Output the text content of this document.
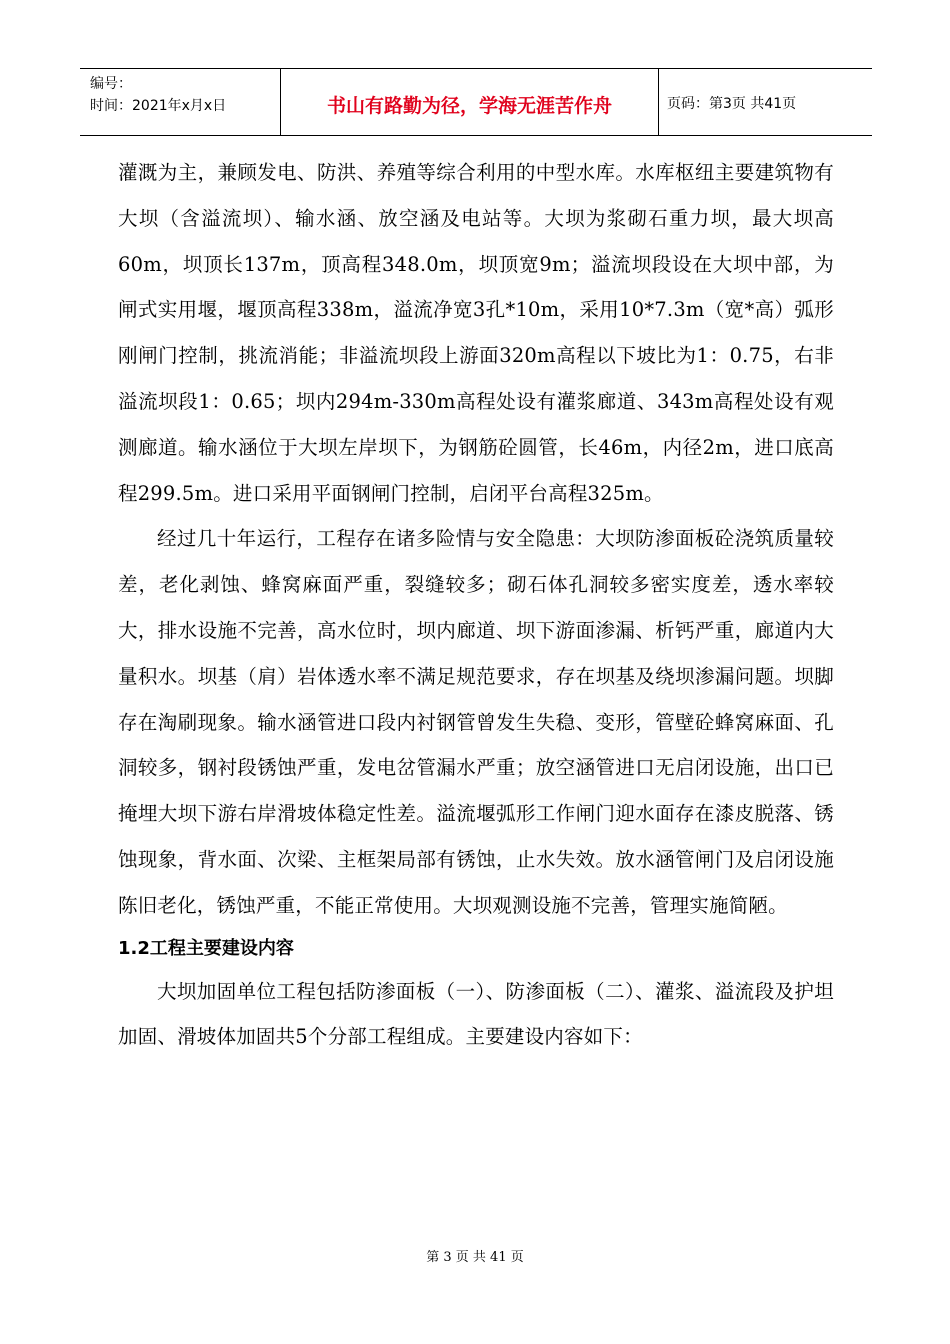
编号：
时间：2021年x月x日	书山有路勤为径，学海无涯苦作舟	页码：第3页 共41页

灌溉为主，兼顾发电、防洪、养殖等综合利用的中型水库。水库枢纽主要建筑物有大坝（含溢流坝）、输水涵、放空涵及电站等。大坝为浆砌石重力坝，最大坝高60m，坝顶长137m，顶高程348.0m，坝顶宽9m；溢流坝段设在大坝中部，为闸式实用堰，堰顶高程338m，溢流净宽3孔*10m，采用10*7.3m（宽*高）弧形刚闸门控制，挑流消能；非溢流坝段上游面320m高程以下坡比为1：0.75，右非溢流坝段1：0.65；坝内294m-330m高程处设有灌浆廊道、343m高程处设有观测廊道。输水涵位于大坝左岸坝下，为钢筋砼圆管，长46m，内径2m，进口底高程299.5m。进口采用平面钢闸门控制，启闭平台高程325m。

经过几十年运行，工程存在诸多险情与安全隐患：大坝防渗面板砼浇筑质量较差，老化剥蚀、蜂窝麻面严重，裂缝较多；砌石体孔洞较多密实度差，透水率较大，排水设施不完善，高水位时，坝内廊道、坝下游面渗漏、析钙严重，廊道内大量积水。坝基（肩）岩体透水率不满足规范要求，存在坝基及绕坝渗漏问题。坝脚存在淘刷现象。输水涵管进口段内衬钢管曾发生失稳、变形，管壁砼蜂窝麻面、孔洞较多，钢衬段锈蚀严重，发电岔管漏水严重；放空涵管进口无启闭设施，出口已掩埋大坝下游右岸滑坡体稳定性差。溢流堰弧形工作闸门迎水面存在漆皮脱落、锈蚀现象，背水面、次梁、主框架局部有锈蚀，止水失效。放水涵管闸门及启闭设施陈旧老化，锈蚀严重，不能正常使用。大坝观测设施不完善，管理实施简陋。

1.2工程主要建设内容

大坝加固单位工程包括防渗面板（一）、防渗面板（二）、灌浆、溢流段及护坦加固、滑坡体加固共5个分部工程组成。主要建设内容如下：

第 3 页 共 41 页
